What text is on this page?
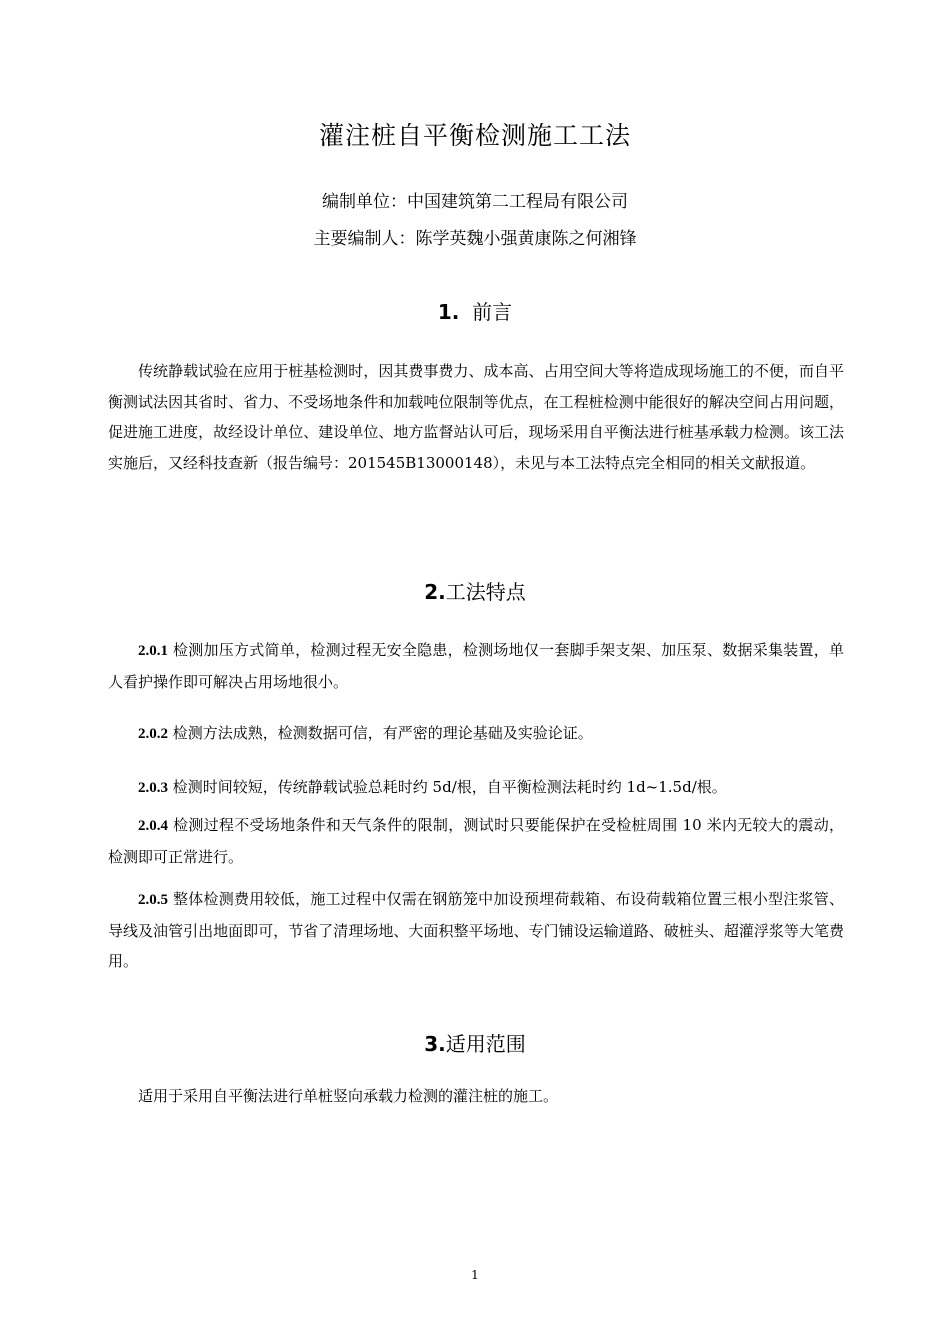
灌注桩自平衡检测施工工法
编制单位：中国建筑第二工程局有限公司
主要编制人：陈学英魏小强黄康陈之何湘锋
1. 前言
传统静载试验在应用于桩基检测时，因其费事费力、成本高、占用空间大等将造成现场施工的不便，而自平衡测试法因其省时、省力、不受场地条件和加载吨位限制等优点，在工程桩检测中能很好的解决空间占用问题，促进施工进度，故经设计单位、建设单位、地方监督站认可后，现场采用自平衡法进行桩基承载力检测。该工法实施后，又经科技查新（报告编号：201545B13000148），未见与本工法特点完全相同的相关文献报道。
2.工法特点
2.0.1 检测加压方式简单，检测过程无安全隐患，检测场地仅一套脚手架支架、加压泵、数据采集装置，单人看护操作即可解决占用场地很小。
2.0.2 检测方法成熟，检测数据可信，有严密的理论基础及实验论证。
2.0.3 检测时间较短，传统静载试验总耗时约 5d/根，自平衡检测法耗时约 1d~1.5d/根。
2.0.4 检测过程不受场地条件和天气条件的限制，测试时只要能保护在受检桩周围 10 米内无较大的震动，检测即可正常进行。
2.0.5 整体检测费用较低，施工过程中仅需在钢筋笼中加设预埋荷载箱、布设荷载箱位置三根小型注浆管、导线及油管引出地面即可，节省了清理场地、大面积整平场地、专门铺设运输道路、破桩头、超灌浮浆等大笔费用。
3.适用范围
适用于采用自平衡法进行单桩竖向承载力检测的灌注桩的施工。
1
